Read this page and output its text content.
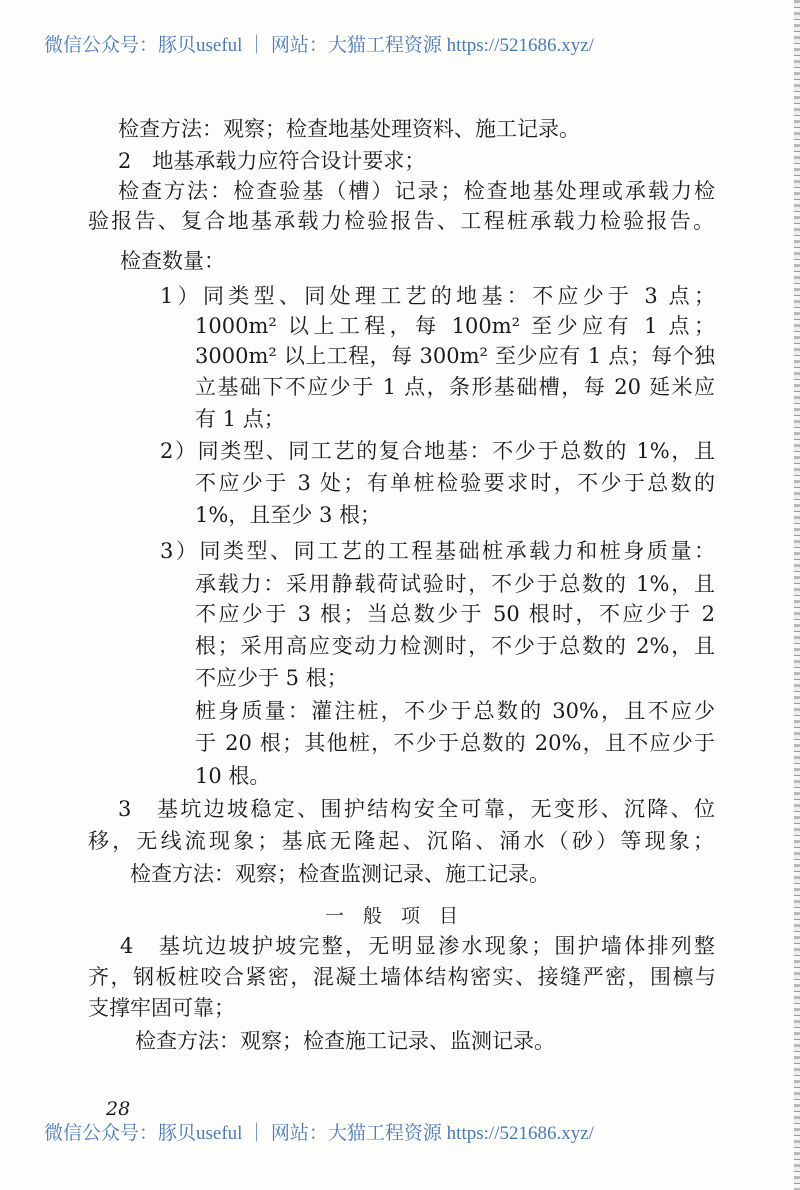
微信公众号：豚贝useful ｜ 网站：大猫工程资源 https://521686.xyz/
检查方法：观察；检查地基处理资料、施工记录。
2　地基承载力应符合设计要求；
检查方法：检查验基（槽）记录；检查地基处理或承载力检
验报告、复合地基承载力检验报告、工程桩承载力检验报告。
检查数量：
1）同类型、同处理工艺的地基：不应少于 3 点；
1000m² 以上工程，每 100m² 至少应有 1 点；
3000m² 以上工程，每 300m² 至少应有 1 点；每个独
立基础下不应少于 1 点，条形基础槽，每 20 延米应
有 1 点；
2）同类型、同工艺的复合地基：不少于总数的 1%，且
不应少于 3 处；有单桩检验要求时，不少于总数的
1%，且至少 3 根；
3）同类型、同工艺的工程基础桩承载力和桩身质量：
承载力：采用静载荷试验时，不少于总数的 1%，且
不应少于 3 根；当总数少于 50 根时，不应少于 2
根；采用高应变动力检测时，不少于总数的 2%，且
不应少于 5 根；
桩身质量：灌注桩，不少于总数的 30%，且不应少
于 20 根；其他桩，不少于总数的 20%，且不应少于
10 根。
3　基坑边坡稳定、围护结构安全可靠，无变形、沉降、位
移，无线流现象；基底无隆起、沉陷、涌水（砂）等现象；
检查方法：观察；检查监测记录、施工记录。
一　般　项　目
4　基坑边坡护坡完整，无明显渗水现象；围护墙体排列整
齐，钢板桩咬合紧密，混凝土墙体结构密实、接缝严密，围檩与
支撑牢固可靠；
检查方法：观察；检查施工记录、监测记录。
28
微信公众号：豚贝useful ｜ 网站：大猫工程资源 https://521686.xyz/
